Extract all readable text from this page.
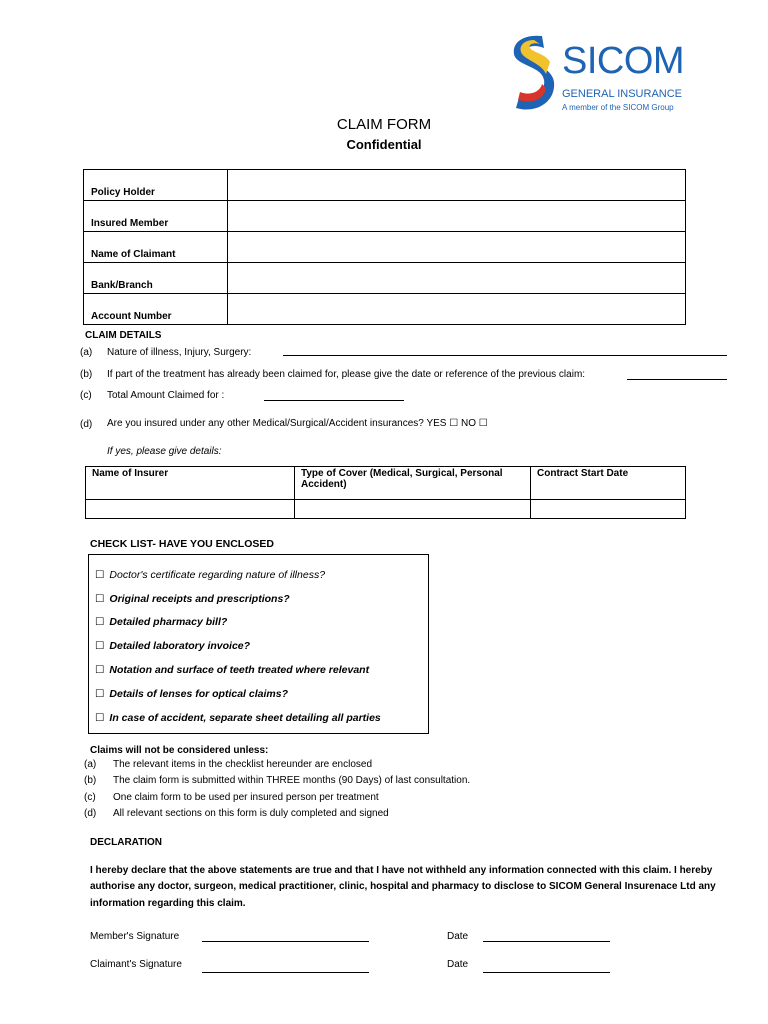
SICOM
GENERAL INSURANCE
A member of the SICOM Group
CLAIM FORM
Confidential
Policy Holder	
Insured Member	
Name of Claimant	
Bank/Branch	
Account Number	
CLAIM DETAILS
(a) Nature of illness, Injury, Surgery:
(b) If part of the treatment has already been claimed for, please give the date or reference of the previous claim:
(c) Total Amount Claimed for :
(d) Are you insured under any other Medical/Surgical/Accident insurances? YES ☐ NO ☐
If yes, please give details:
Name of Insurer	Type of Cover (Medical, Surgical, Personal Accident)	Contract Start Date

CHECK LIST- HAVE YOU ENCLOSED
☐ Doctor's certificate regarding nature of illness?
☐ Original receipts and prescriptions?
☐ Detailed pharmacy bill?
☐ Detailed laboratory invoice?
☐ Notation and surface of teeth treated where relevant
☐ Details of lenses for optical claims?
☐ In case of accident, separate sheet detailing all parties
Claims will not be considered unless:
(a) The relevant items in the checklist hereunder are enclosed
(b) The claim form is submitted within THREE months (90 Days) of last consultation.
(c) One claim form to be used per insured person per treatment
(d) All relevant sections on this form is duly completed and signed
DECLARATION
I hereby declare that the above statements are true and that I have not withheld any information connected with this claim. I hereby authorise any doctor, surgeon, medical practitioner, clinic, hospital and pharmacy to disclose to SICOM General Insurenace Ltd any information regarding this claim.
Member's Signature	Date
Claimant's Signature	Date
